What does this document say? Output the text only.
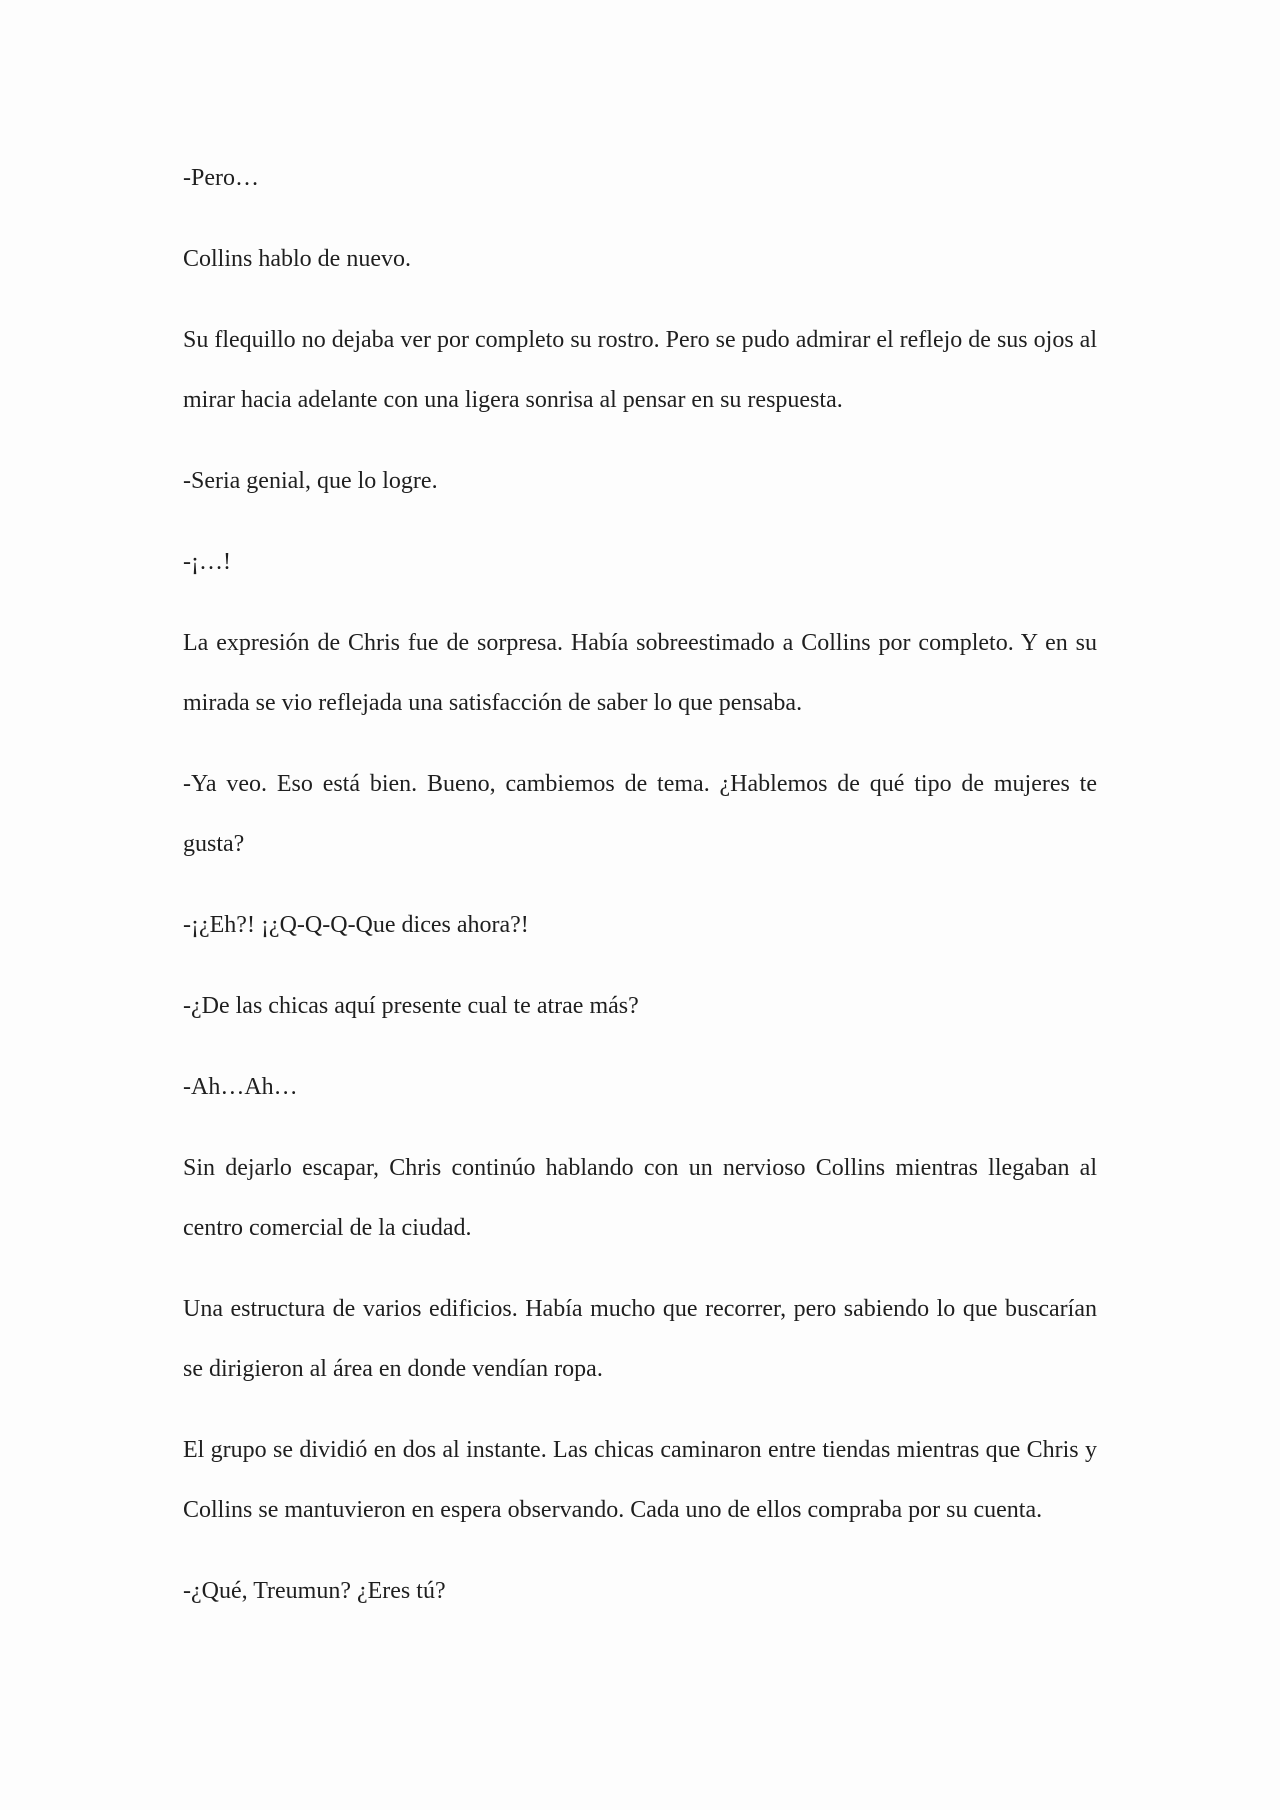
-Pero…

Collins hablo de nuevo.

Su flequillo no dejaba ver por completo su rostro. Pero se pudo admirar el reflejo de sus ojos al mirar hacia adelante con una ligera sonrisa al pensar en su respuesta.

-Seria genial, que lo logre.

-¡…!

La expresión de Chris fue de sorpresa. Había sobreestimado a Collins por completo. Y en su mirada se vio reflejada una satisfacción de saber lo que pensaba.

-Ya veo. Eso está bien. Bueno, cambiemos de tema. ¿Hablemos de qué tipo de mujeres te gusta?

-¡¿Eh?! ¡¿Q-Q-Q-Que dices ahora?!

-¿De las chicas aquí presente cual te atrae más?

-Ah…Ah…

Sin dejarlo escapar, Chris continúo hablando con un nervioso Collins mientras llegaban al centro comercial de la ciudad.

Una estructura de varios edificios. Había mucho que recorrer, pero sabiendo lo que buscarían se dirigieron al área en donde vendían ropa.

El grupo se dividió en dos al instante. Las chicas caminaron entre tiendas mientras que Chris y Collins se mantuvieron en espera observando. Cada uno de ellos compraba por su cuenta.

-¿Qué, Treumun? ¿Eres tú?
